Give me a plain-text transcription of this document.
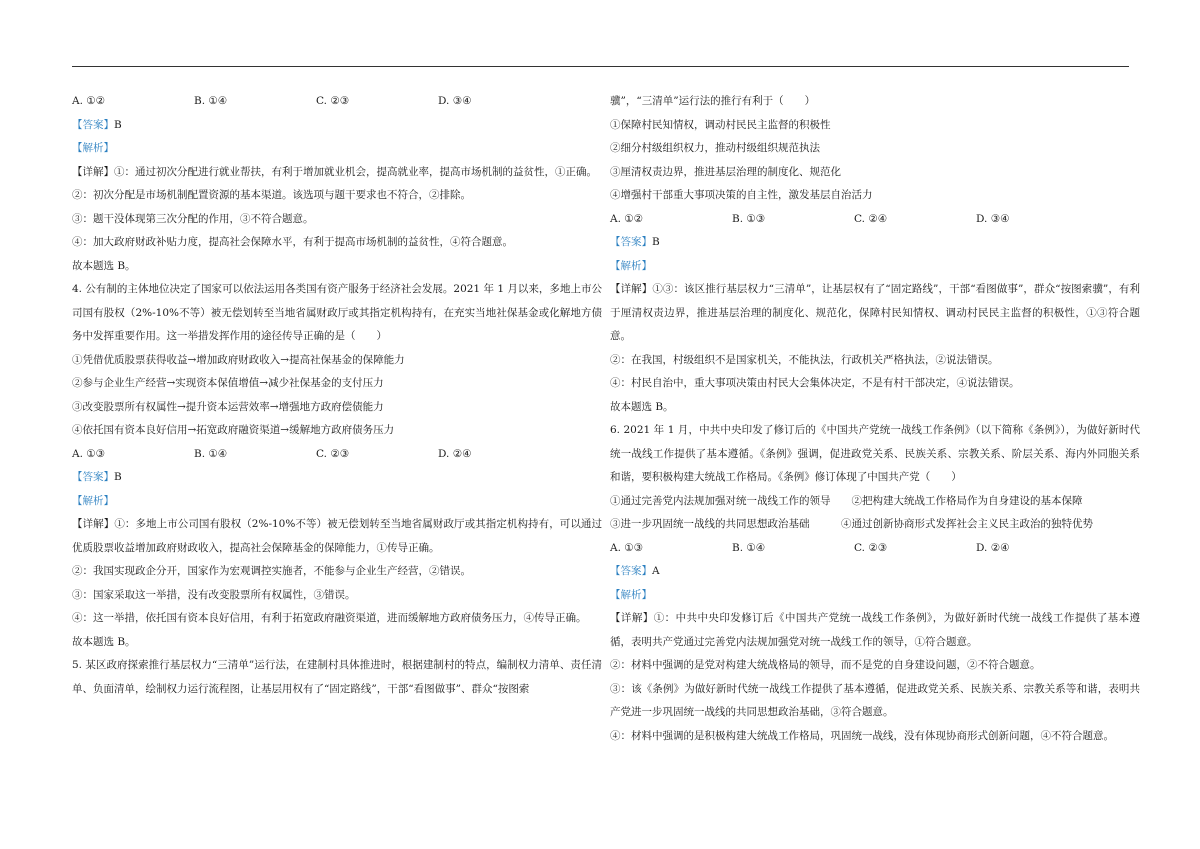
A. ①②	B. ①④	C. ②③	D. ③④
【答案】B
【解析】
【详解】①：通过初次分配进行就业帮扶，有利于增加就业机会，提高就业率，提高市场机制的益贫性，①正确。
②：初次分配是市场机制配置资源的基本渠道。该选项与题干要求也不符合，②排除。
③：题干没体现第三次分配的作用，③不符合题意。
④：加大政府财政补贴力度，提高社会保障水平，有利于提高市场机制的益贫性，④符合题意。
故本题选 B。
4. 公有制的主体地位决定了国家可以依法运用各类国有资产服务于经济社会发展。2021 年 1 月以来，多地上市公司国有股权（2%-10%不等）被无偿划转至当地省属财政厅或其指定机构持有，在充实当地社保基金或化解地方债务中发挥重要作用。这一举措发挥作用的途径传导正确的是（　　）
①凭借优质股票获得收益→增加政府财政收入→提高社保基金的保障能力
②参与企业生产经营→实现资本保值增值→减少社保基金的支付压力
③改变股票所有权属性→提升资本运营效率→增强地方政府偿债能力
④依托国有资本良好信用→拓宽政府融资渠道→缓解地方政府债务压力
A. ①③	B. ①④	C. ②③	D. ②④
【答案】B
【解析】
【详解】①：多地上市公司国有股权（2%-10%不等）被无偿划转至当地省属财政厅或其指定机构持有，可以通过优质股票收益增加政府财政收入，提高社会保障基金的保障能力，①传导正确。
②：我国实现政企分开，国家作为宏观调控实施者，不能参与企业生产经营，②错误。
③：国家采取这一举措，没有改变股票所有权属性，③错误。
④：这一举措，依托国有资本良好信用，有利于拓宽政府融资渠道，进而缓解地方政府债务压力，④传导正确。
故本题选 B。
5. 某区政府探索推行基层权力“三清单”运行法，在建制村具体推进时，根据建制村的特点，编制权力清单、责任清单、负面清单，绘制权力运行流程图，让基层用权有了“固定路线”，干部“看图做事”、群众“按图索
骥”，“三清单”运行法的推行有利于（　　）
①保障村民知情权，调动村民民主监督的积极性
②细分村级组织权力，推动村级组织规范执法
③厘清权责边界，推进基层治理的制度化、规范化
④增强村干部重大事项决策的自主性，激发基层自治活力
A. ①②	B. ①③	C. ②④	D. ③④
【答案】B
【解析】
【详解】①③：该区推行基层权力“三清单”，让基层权有了“固定路线”，干部“看图做事”，群众“按图索骥”，有利于厘清权责边界，推进基层治理的制度化、规范化，保障村民知情权、调动村民民主监督的积极性，①③符合题意。
②：在我国，村级组织不是国家机关，不能执法，行政机关严格执法，②说法错误。
④：村民自治中，重大事项决策由村民大会集体决定，不是有村干部决定，④说法错误。
故本题选 B。
6. 2021 年 1 月，中共中央印发了修订后的《中国共产党统一战线工作条例》（以下简称《条例》），为做好新时代统一战线工作提供了基本遵循。《条例》强调，促进政党关系、民族关系、宗教关系、阶层关系、海内外同胞关系和谐，要积极构建大统战工作格局。《条例》修订体现了中国共产党（　　）
①通过完善党内法规加强对统一战线工作的领导　　②把构建大统战工作格局作为自身建设的基本保障
③进一步巩固统一战线的共同思想政治基础　　　④通过创新协商形式发挥社会主义民主政治的独特优势
A. ①③	B. ①④	C. ②③	D. ②④
【答案】A
【解析】
【详解】①：中共中央印发修订后《中国共产党统一战线工作条例》，为做好新时代统一战线工作提供了基本遵循，表明共产党通过完善党内法规加强党对统一战线工作的领导，①符合题意。
②：材料中强调的是党对构建大统战格局的领导，而不是党的自身建设问题，②不符合题意。
③：该《条例》为做好新时代统一战线工作提供了基本遵循，促进政党关系、民族关系、宗教关系等和谐，表明共产党进一步巩固统一战线的共同思想政治基础，③符合题意。
④：材料中强调的是积极构建大统战工作格局，巩固统一战线，没有体现协商形式创新问题，④不符合题意。
